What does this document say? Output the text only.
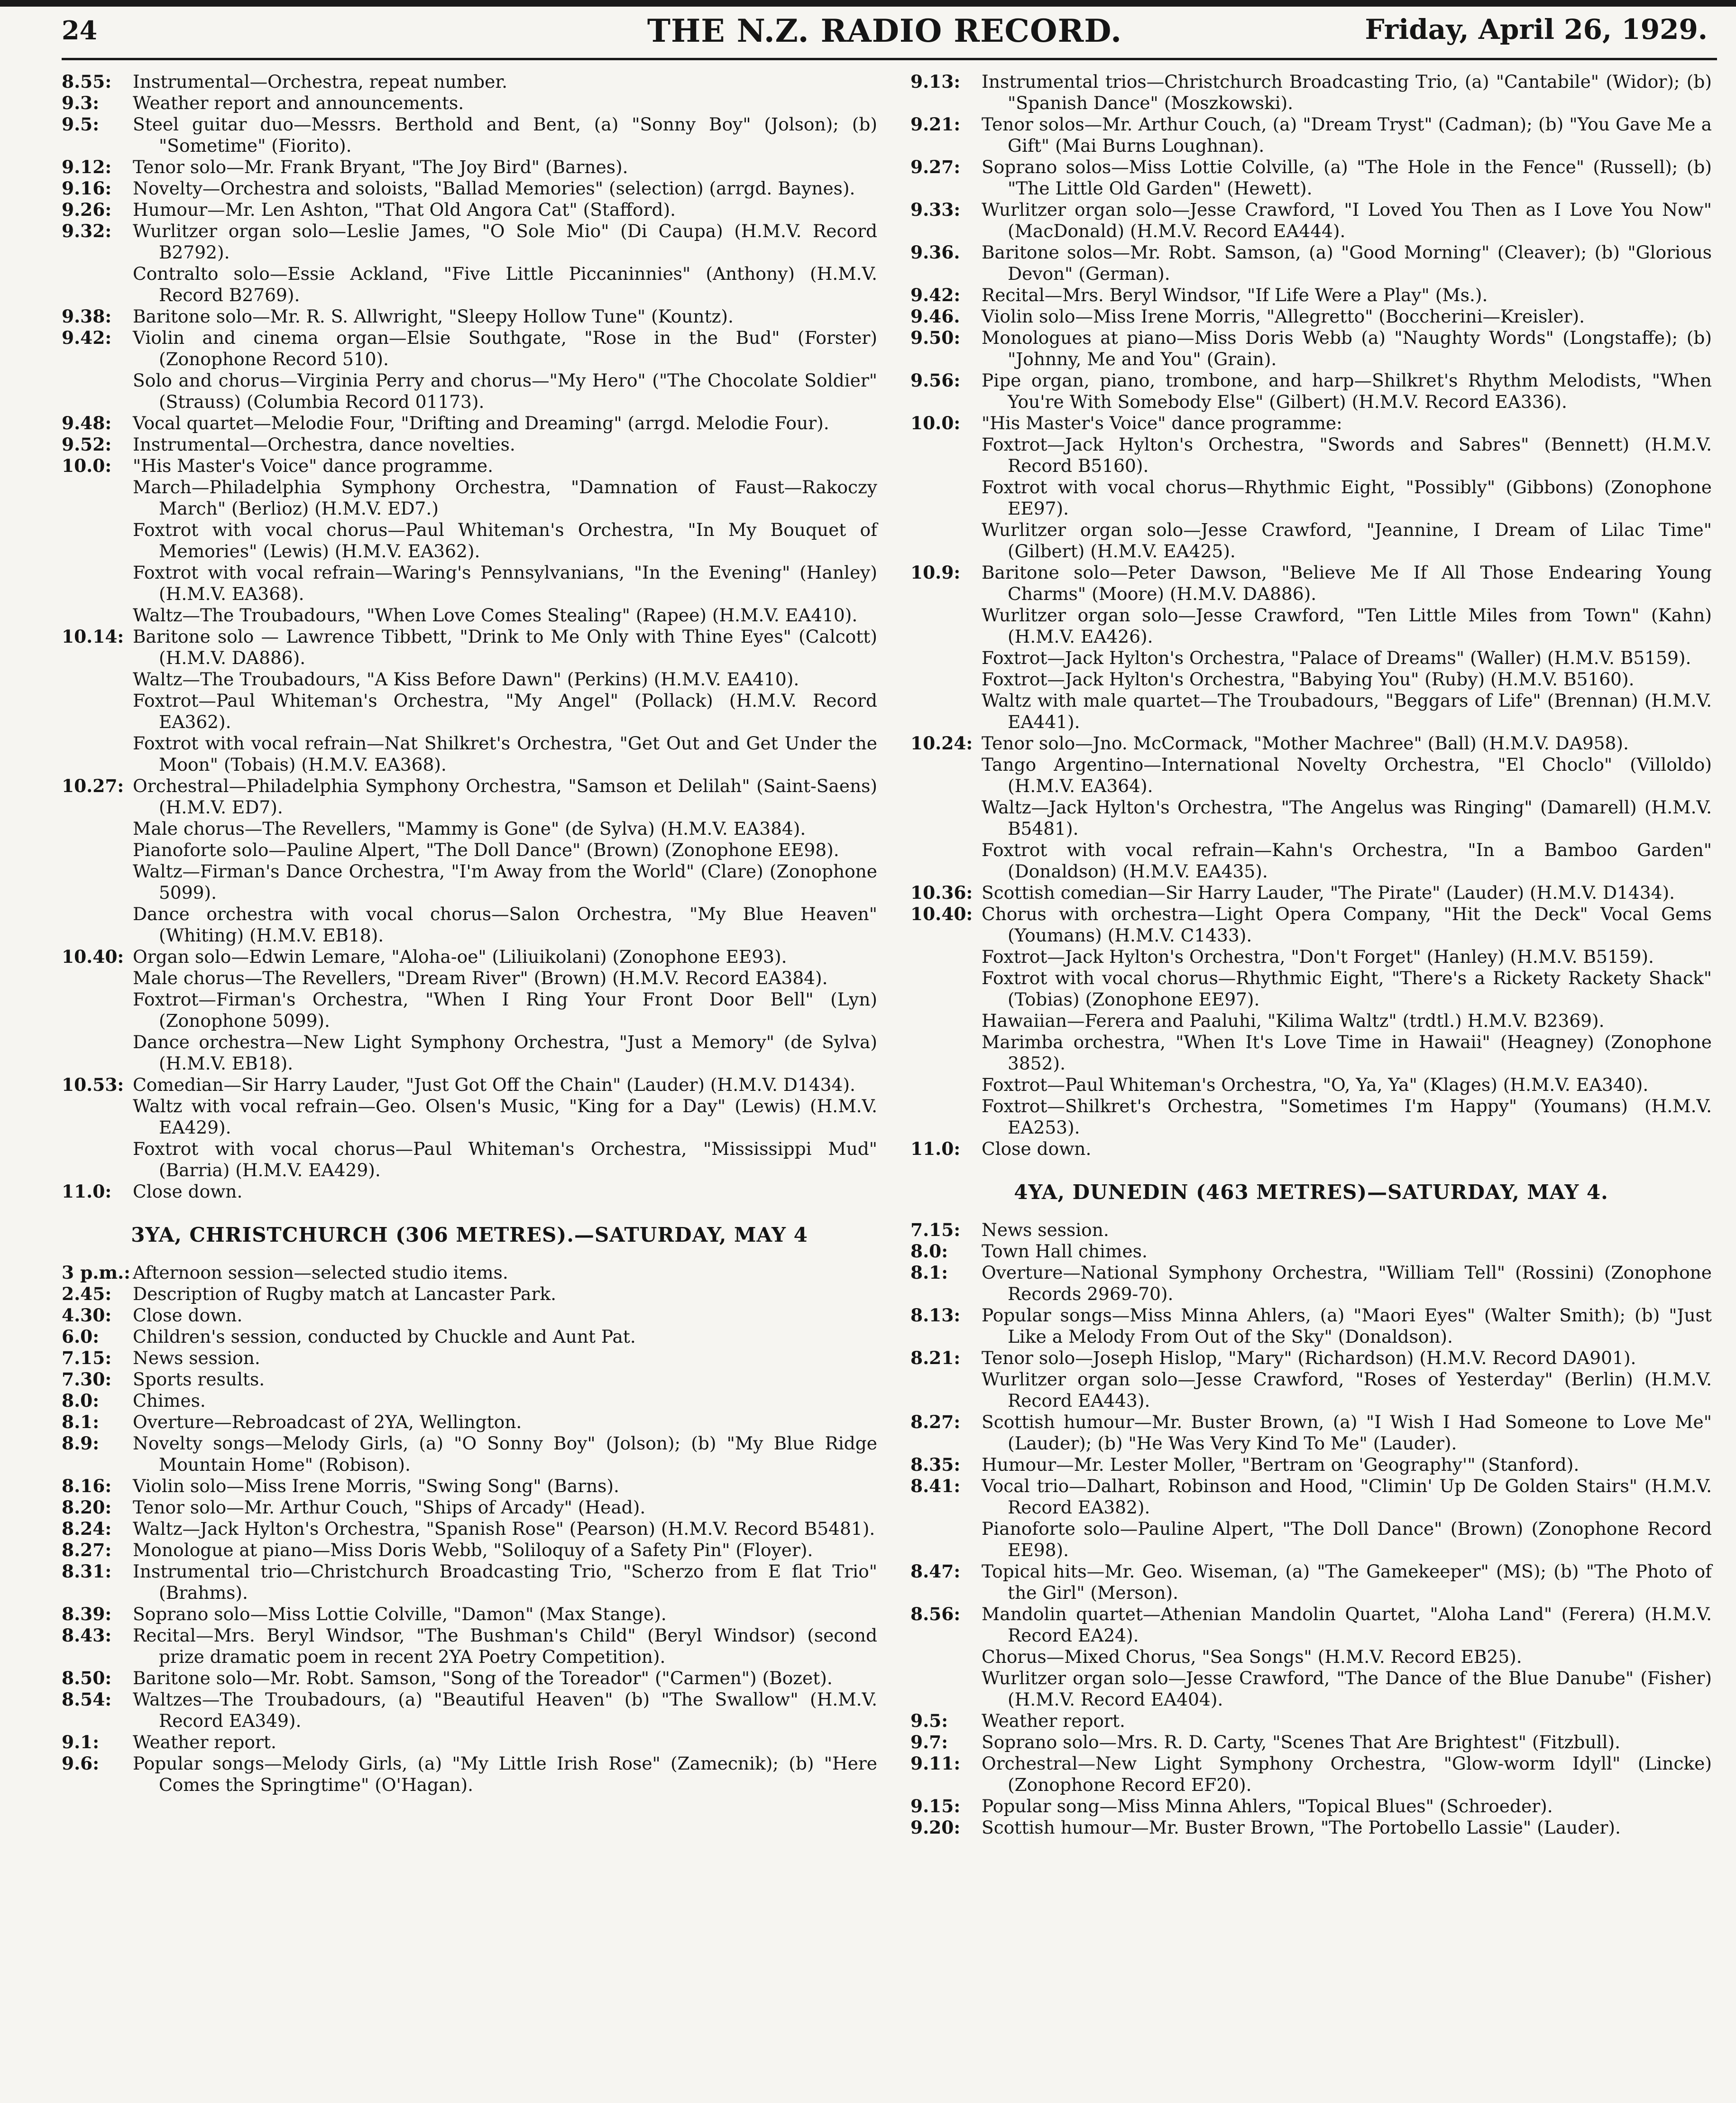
24	THE N.Z. RADIO RECORD.	Friday, April 26, 1929.
8.55: Instrumental—Orchestra, repeat number.
9.3: Weather report and announcements.
9.5: Steel guitar duo—Messrs. Berthold and Bent, (a) "Sonny Boy" (Jolson); (b) "Sometime" (Fiorito).
9.12: Tenor solo—Mr. Frank Bryant, "The Joy Bird" (Barnes).
9.16: Novelty—Orchestra and soloists, "Ballad Memories" (selection) (arrgd. Baynes).
9.26: Humour—Mr. Len Ashton, "That Old Angora Cat" (Stafford).
9.32: Wurlitzer organ solo—Leslie James, "O Sole Mio" (Di Caupa) (H.M.V. Record B2792).
Contralto solo—Essie Ackland, "Five Little Piccaninnies" (Anthony) (H.M.V. Record B2769).
9.38: Baritone solo—Mr. R. S. Allwright, "Sleepy Hollow Tune" (Kountz).
9.42: Violin and cinema organ—Elsie Southgate, "Rose in the Bud" (Forster) (Zonophone Record 510).
Solo and chorus—Virginia Perry and chorus—"My Hero" ("The Chocolate Soldier" (Strauss) (Columbia Record 01173).
9.48: Vocal quartet—Melodie Four, "Drifting and Dreaming" (arrgd. Melodie Four).
9.52: Instrumental—Orchestra, dance novelties.
10.0: "His Master's Voice" dance programme.
March—Philadelphia Symphony Orchestra, "Damnation of Faust—Rakoczy March" (Berlioz) (H.M.V. ED7.)
Foxtrot with vocal chorus—Paul Whiteman's Orchestra, "In My Bouquet of Memories" (Lewis) (H.M.V. EA362).
Foxtrot with vocal refrain—Waring's Pennsylvanians, "In the Evening" (Hanley) (H.M.V. EA368).
Waltz—The Troubadours, "When Love Comes Stealing" (Rapee) (H.M.V. EA410).
10.14: Baritone solo — Lawrence Tibbett, "Drink to Me Only with Thine Eyes" (Calcott) (H.M.V. DA886).
Waltz—The Troubadours, "A Kiss Before Dawn" (Perkins) (H.M.V. EA410).
Foxtrot—Paul Whiteman's Orchestra, "My Angel" (Pollack) (H.M.V. Record EA362).
Foxtrot with vocal refrain—Nat Shilkret's Orchestra, "Get Out and Get Under the Moon" (Tobais) (H.M.V. EA368).
10.27: Orchestral—Philadelphia Symphony Orchestra, "Samson et Delilah" (Saint-Saens) (H.M.V. ED7).
Male chorus—The Revellers, "Mammy is Gone" (de Sylva) (H.M.V. EA384).
Pianoforte solo—Pauline Alpert, "The Doll Dance" (Brown) (Zonophone EE98).
Waltz—Firman's Dance Orchestra, "I'm Away from the World" (Clare) (Zonophone 5099).
Dance orchestra with vocal chorus—Salon Orchestra, "My Blue Heaven" (Whiting) (H.M.V. EB18).
10.40: Organ solo—Edwin Lemare, "Aloha-oe" (Liliuikolani) (Zonophone EE93).
Male chorus—The Revellers, "Dream River" (Brown) (H.M.V. Record EA384).
Foxtrot—Firman's Orchestra, "When I Ring Your Front Door Bell" (Lyn) (Zonophone 5099).
Dance orchestra—New Light Symphony Orchestra, "Just a Memory" (de Sylva) (H.M.V. EB18).
10.53: Comedian—Sir Harry Lauder, "Just Got Off the Chain" (Lauder) (H.M.V. D1434).
Waltz with vocal refrain—Geo. Olsen's Music, "King for a Day" (Lewis) (H.M.V. EA429).
Foxtrot with vocal chorus—Paul Whiteman's Orchestra, "Mississippi Mud" (Barria) (H.M.V. EA429).
11.0: Close down.
3YA, CHRISTCHURCH (306 METRES).—SATURDAY, MAY 4
3 p.m.: Afternoon session—selected studio items.
2.45: Description of Rugby match at Lancaster Park.
4.30: Close down.
6.0: Children's session, conducted by Chuckle and Aunt Pat.
7.15: News session.
7.30: Sports results.
8.0: Chimes.
8.1: Overture—Rebroadcast of 2YA, Wellington.
8.9: Novelty songs—Melody Girls, (a) "O Sonny Boy" (Jolson); (b) "My Blue Ridge Mountain Home" (Robison).
8.16: Violin solo—Miss Irene Morris, "Swing Song" (Barns).
8.20: Tenor solo—Mr. Arthur Couch, "Ships of Arcady" (Head).
8.24: Waltz—Jack Hylton's Orchestra, "Spanish Rose" (Pearson) (H.M.V. Record B5481).
8.27: Monologue at piano—Miss Doris Webb, "Soliloquy of a Safety Pin" (Floyer).
8.31: Instrumental trio—Christchurch Broadcasting Trio, "Scherzo from E flat Trio" (Brahms).
8.39: Soprano solo—Miss Lottie Colville, "Damon" (Max Stange).
8.43: Recital—Mrs. Beryl Windsor, "The Bushman's Child" (Beryl Windsor) (second prize dramatic poem in recent 2YA Poetry Competition).
8.50: Baritone solo—Mr. Robt. Samson, "Song of the Toreador" ("Carmen") (Bozet).
8.54: Waltzes—The Troubadours, (a) "Beautiful Heaven" (b) "The Swallow" (H.M.V. Record EA349).
9.1: Weather report.
9.6: Popular songs—Melody Girls, (a) "My Little Irish Rose" (Zamecnik); (b) "Here Comes the Springtime" (O'Hagan).
9.13: Instrumental trios—Christchurch Broadcasting Trio, (a) "Cantabile" (Widor); (b) "Spanish Dance" (Moszkowski).
9.21: Tenor solos—Mr. Arthur Couch, (a) "Dream Tryst" (Cadman); (b) "You Gave Me a Gift" (Mai Burns Loughnan).
9.27: Soprano solos—Miss Lottie Colville, (a) "The Hole in the Fence" (Russell); (b) "The Little Old Garden" (Hewett).
9.33: Wurlitzer organ solo—Jesse Crawford, "I Loved You Then as I Love You Now" (MacDonald) (H.M.V. Record EA444).
9.36. Baritone solos—Mr. Robt. Samson, (a) "Good Morning" (Cleaver); (b) "Glorious Devon" (German).
9.42: Recital—Mrs. Beryl Windsor, "If Life Were a Play" (Ms.).
9.46. Violin solo—Miss Irene Morris, "Allegretto" (Boccherini—Kreisler).
9.50: Monologues at piano—Miss Doris Webb (a) "Naughty Words" (Longstaffe); (b) "Johnny, Me and You" (Grain).
9.56: Pipe organ, piano, trombone, and harp—Shilkret's Rhythm Melodists, "When You're With Somebody Else" (Gilbert) (H.M.V. Record EA336).
10.0: "His Master's Voice" dance programme:
Foxtrot—Jack Hylton's Orchestra, "Swords and Sabres" (Bennett) (H.M.V. Record B5160).
Foxtrot with vocal chorus—Rhythmic Eight, "Possibly" (Gibbons) (Zonophone EE97).
Wurlitzer organ solo—Jesse Crawford, "Jeannine, I Dream of Lilac Time" (Gilbert) (H.M.V. EA425).
10.9: Baritone solo—Peter Dawson, "Believe Me If All Those Endearing Young Charms" (Moore) (H.M.V. DA886).
Wurlitzer organ solo—Jesse Crawford, "Ten Little Miles from Town" (Kahn) (H.M.V. EA426).
Foxtrot—Jack Hylton's Orchestra, "Palace of Dreams" (Waller) (H.M.V. B5159).
Foxtrot—Jack Hylton's Orchestra, "Babying You" (Ruby) (H.M.V. B5160).
Waltz with male quartet—The Troubadours, "Beggars of Life" (Brennan) (H.M.V. EA441).
10.24: Tenor solo—Jno. McCormack, "Mother Machree" (Ball) (H.M.V. DA958).
Tango Argentino—International Novelty Orchestra, "El Choclo" (Villoldo) (H.M.V. EA364).
Waltz—Jack Hylton's Orchestra, "The Angelus was Ringing" (Damarell) (H.M.V. B5481).
Foxtrot with vocal refrain—Kahn's Orchestra, "In a Bamboo Garden" (Donaldson) (H.M.V. EA435).
10.36: Scottish comedian—Sir Harry Lauder, "The Pirate" (Lauder) (H.M.V. D1434).
10.40: Chorus with orchestra—Light Opera Company, "Hit the Deck" Vocal Gems (Youmans) (H.M.V. C1433).
Foxtrot—Jack Hylton's Orchestra, "Don't Forget" (Hanley) (H.M.V. B5159).
Foxtrot with vocal chorus—Rhythmic Eight, "There's a Rickety Rackety Shack" (Tobias) (Zonophone EE97).
Hawaiian—Ferera and Paaluhi, "Kilima Waltz" (trdtl.) H.M.V. B2369).
Marimba orchestra, "When It's Love Time in Hawaii" (Heagney) (Zonophone 3852).
Foxtrot—Paul Whiteman's Orchestra, "O, Ya, Ya" (Klages) (H.M.V. EA340).
Foxtrot—Shilkret's Orchestra, "Sometimes I'm Happy" (Youmans) (H.M.V. EA253).
11.0: Close down.
4YA, DUNEDIN (463 METRES)—SATURDAY, MAY 4.
7.15: News session.
8.0: Town Hall chimes.
8.1: Overture—National Symphony Orchestra, "William Tell" (Rossini) (Zonophone Records 2969-70).
8.13: Popular songs—Miss Minna Ahlers, (a) "Maori Eyes" (Walter Smith); (b) "Just Like a Melody From Out of the Sky" (Donaldson).
8.21: Tenor solo—Joseph Hislop, "Mary" (Richardson) (H.M.V. Record DA901).
Wurlitzer organ solo—Jesse Crawford, "Roses of Yesterday" (Berlin) (H.M.V. Record EA443).
8.27: Scottish humour—Mr. Buster Brown, (a) "I Wish I Had Someone to Love Me" (Lauder); (b) "He Was Very Kind To Me" (Lauder).
8.35: Humour—Mr. Lester Moller, "Bertram on 'Geography'" (Stanford).
8.41: Vocal trio—Dalhart, Robinson and Hood, "Climin' Up De Golden Stairs" (H.M.V. Record EA382).
Pianoforte solo—Pauline Alpert, "The Doll Dance" (Brown) (Zonophone Record EE98).
8.47: Topical hits—Mr. Geo. Wiseman, (a) "The Gamekeeper" (MS); (b) "The Photo of the Girl" (Merson).
8.56: Mandolin quartet—Athenian Mandolin Quartet, "Aloha Land" (Ferera) (H.M.V. Record EA24).
Chorus—Mixed Chorus, "Sea Songs" (H.M.V. Record EB25).
Wurlitzer organ solo—Jesse Crawford, "The Dance of the Blue Danube" (Fisher) (H.M.V. Record EA404).
9.5: Weather report.
9.7: Soprano solo—Mrs. R. D. Carty, "Scenes That Are Brightest" (Fitzbull).
9.11: Orchestral—New Light Symphony Orchestra, "Glow-worm Idyll" (Lincke) (Zonophone Record EF20).
9.15: Popular song—Miss Minna Ahlers, "Topical Blues" (Schroeder).
9.20: Scottish humour—Mr. Buster Brown, "The Portobello Lassie" (Lauder).
